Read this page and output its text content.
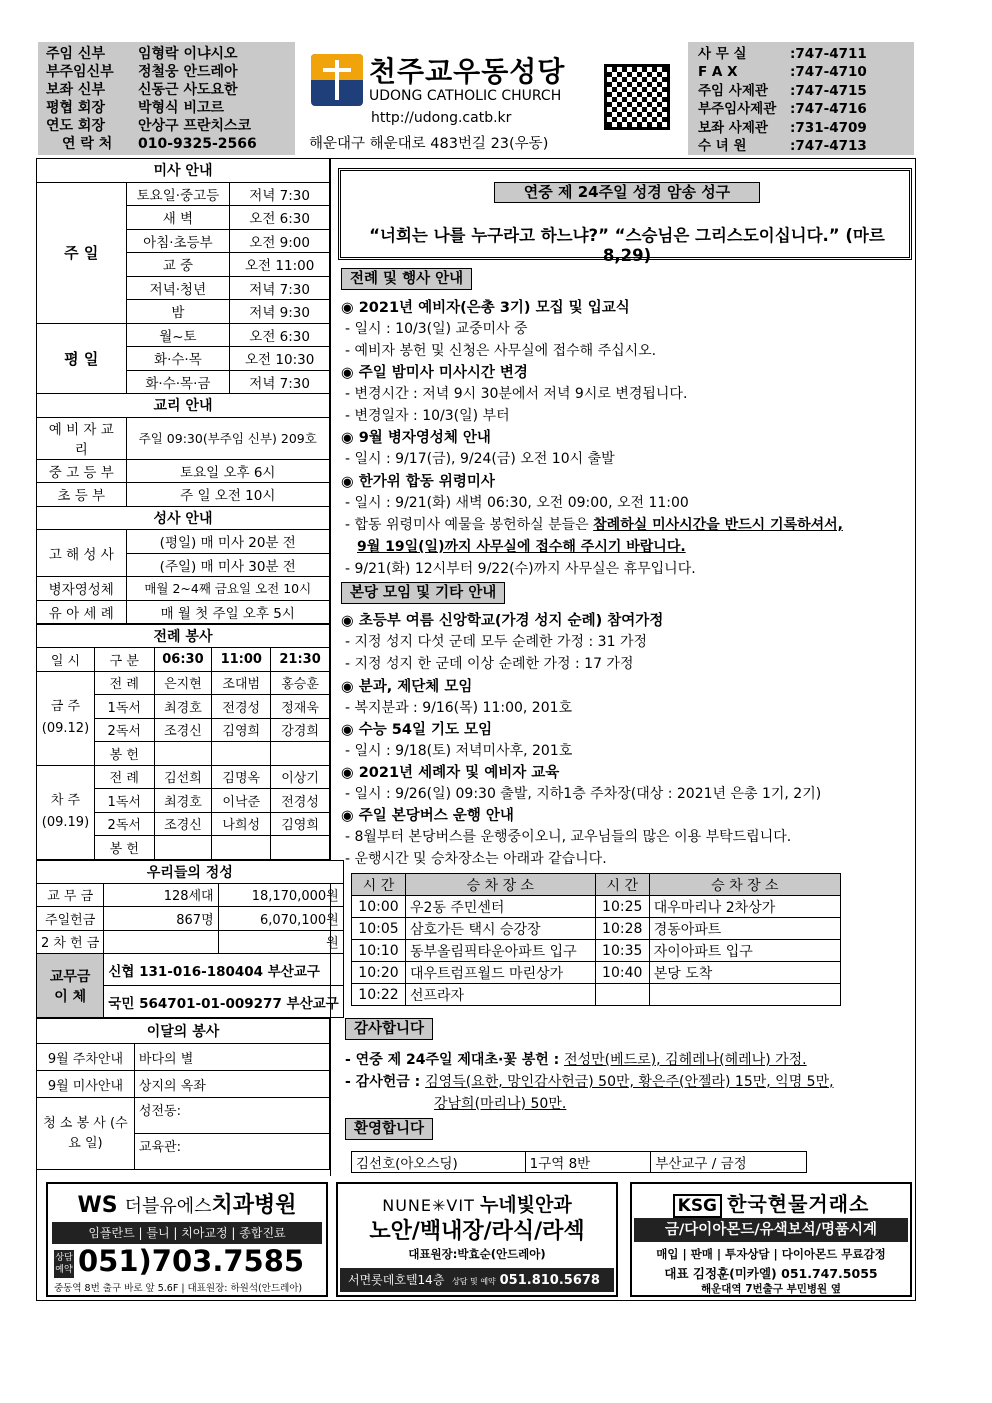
주임 신부	임형락 이냐시오
부주임신부	정철웅 안드레아
보좌 신부	신동근 사도요한
평협 회장	박형식 비고르
연도 회장	안상구 프란치스코
연 락 처	010-9325-2566
천주교우동성당
UDONG CATHOLIC CHURCH
http://udong.catb.kr
해운대구 해운대로 483번길 23(우동)
사 무 실	: 747-4711
F A X	: 747-4710
주임 사제관	: 747-4715
부주임사제관	: 747-4716
보좌 사제관	: 731-4709
수 녀 원	: 747-4713
미사 안내		
주 일	토요일·중고등	저녁 7:30
	새 벽	오전 6:30
	아침·초등부	오전 9:00
	교 중	오전 11:00
	저녁·청년	저녁 7:30
	밤	저녁 9:30
평 일	월~토	오전 6:30
	화·수·목	오전 10:30
	화·수·목·금	저녁 7:30
교리 안내		
예 비 자 교 리	주일 09:30(부주임 신부) 209호	
중 고 등 부	토요일 오후 6시	
초 등 부	주 일 오전 10시	
성사 안내		
고 해 성 사	(평일) 매 미사 20분 전	
	(주일) 매 미사 30분 전	
병자영성체	매월 2~4째 금요일 오전 10시	
유 아 세 례	매 월 첫 주일 오후 5시	
전례 봉사				
일 시	구 분	06:30	11:00	21:30
금 주
(09.12)	전 례	은지현	조대범	홍승훈
	1독서	최경호	전경성	정재욱
	2독서	조경신	김영희	강경희
	봉 헌			
차 주
(09.19)	전 례	김선희	김명옥	이상기
	1독서	최경호	이낙준	전경성
	2독서	조경신	나희성	김영희
	봉 헌			
우리들의 정성		
교 무 금	128세대	18,170,000원
주일헌금	867명	6,070,100원
2 차 헌 금		원
교무금 이 체	신협 131-016-180404 부산교구	
	국민 564701-01-009277 부산교구	
이달의 봉사	
9월 주차안내	바다의 별
9월 미사안내	상지의 옥좌
청 소 봉 사 (수 요 일)	성전동:
	교육관:
연중 제 24주일 성경 암송 성구
“너희는 나를 누구라고 하느냐?” “스승님은 그리스도이십니다.” (마르 8,29)
전례 및 행사 안내
◉ 2021년 예비자(은총 3기) 모집 및 입교식
- 일시 : 10/3(일) 교중미사 중
- 예비자 봉헌 및 신청은 사무실에 접수해 주십시오.
◉ 주일 밤미사 미사시간 변경
- 변경시간 : 저녁 9시 30분에서 저녁 9시로 변경됩니다.
- 변경일자 : 10/3(일) 부터
◉ 9월 병자영성체 안내
- 일시 : 9/17(금), 9/24(금) 오전 10시 출발
◉ 한가위 합동 위령미사
- 일시 : 9/21(화) 새벽 06:30, 오전 09:00, 오전 11:00
- 합동 위령미사 예물을 봉헌하실 분들은 참례하실 미사시간을 반드시 기록하셔서,
9월 19일(일)까지 사무실에 접수해 주시기 바랍니다.
- 9/21(화) 12시부터 9/22(수)까지 사무실은 휴무입니다.
본당 모임 및 기타 안내
◉ 초등부 여름 신앙학교(가경 성지 순례) 참여가정
- 지정 성지 다섯 군데 모두 순례한 가정 : 31 가정
- 지정 성지 한 군데 이상 순례한 가정 : 17 가정
◉ 분과, 제단체 모임
- 복지분과 : 9/16(목) 11:00, 201호
◉ 수능 54일 기도 모임
- 일시 : 9/18(토) 저녁미사후, 201호
◉ 2021년 세례자 및 예비자 교육
- 일시 : 9/26(일) 09:30 출발, 지하1층 주차장(대상 : 2021년 은총 1기, 2기)
◉ 주일 본당버스 운행 안내
- 8월부터 본당버스를 운행중이오니, 교우님들의 많은 이용 부탁드립니다.
- 운행시간 및 승차장소는 아래과 같습니다.
시 간	승 차 장 소	시 간	승 차 장 소
10:00	우2동 주민센터	10:25	대우마리나 2차상가
10:05	삼호가든 택시 승강장	10:28	경동아파트
10:10	동부올림픽타운아파트 입구	10:35	자이아파트 입구
10:20	대우트럼프월드 마린상가	10:40	본당 도착
10:22	선프라자		
감사합니다
- 연중 제 24주일 제대초·꽃 봉헌 : 전성만(베드로), 김헤레나(헤레나) 가정.
- 감사헌금 : 김영득(요한, 망인감사헌금) 50만, 황은주(안젤라) 15만, 익명 5만,
강남희(마리나) 50만.
환영합니다
김선호(아오스딩)	1구역 8반	부산교구 / 금정
WS 더블유에스치과병원
임플란트 | 틀니 | 치아교정 | 종합진료
상담 예약 051)703.7585
중동역 8번 출구 바로 앞 5.6F | 대표원장: 하원석(안드레아)
NUNE✳VIT 누네빛안과
노안/백내장/라식/라섹
대표원장:박효순(안드레아)
서면롯데호텔14층 상담 및 예약 051.810.5678
KSG 한국현물거래소
금/다이아몬드/유색보석/명품시계
매입 | 판매 | 투자상담 | 다이아몬드 무료감정
대표 김정훈(미카엘) 051.747.5055
해운대역 7번출구 부민병원 옆
